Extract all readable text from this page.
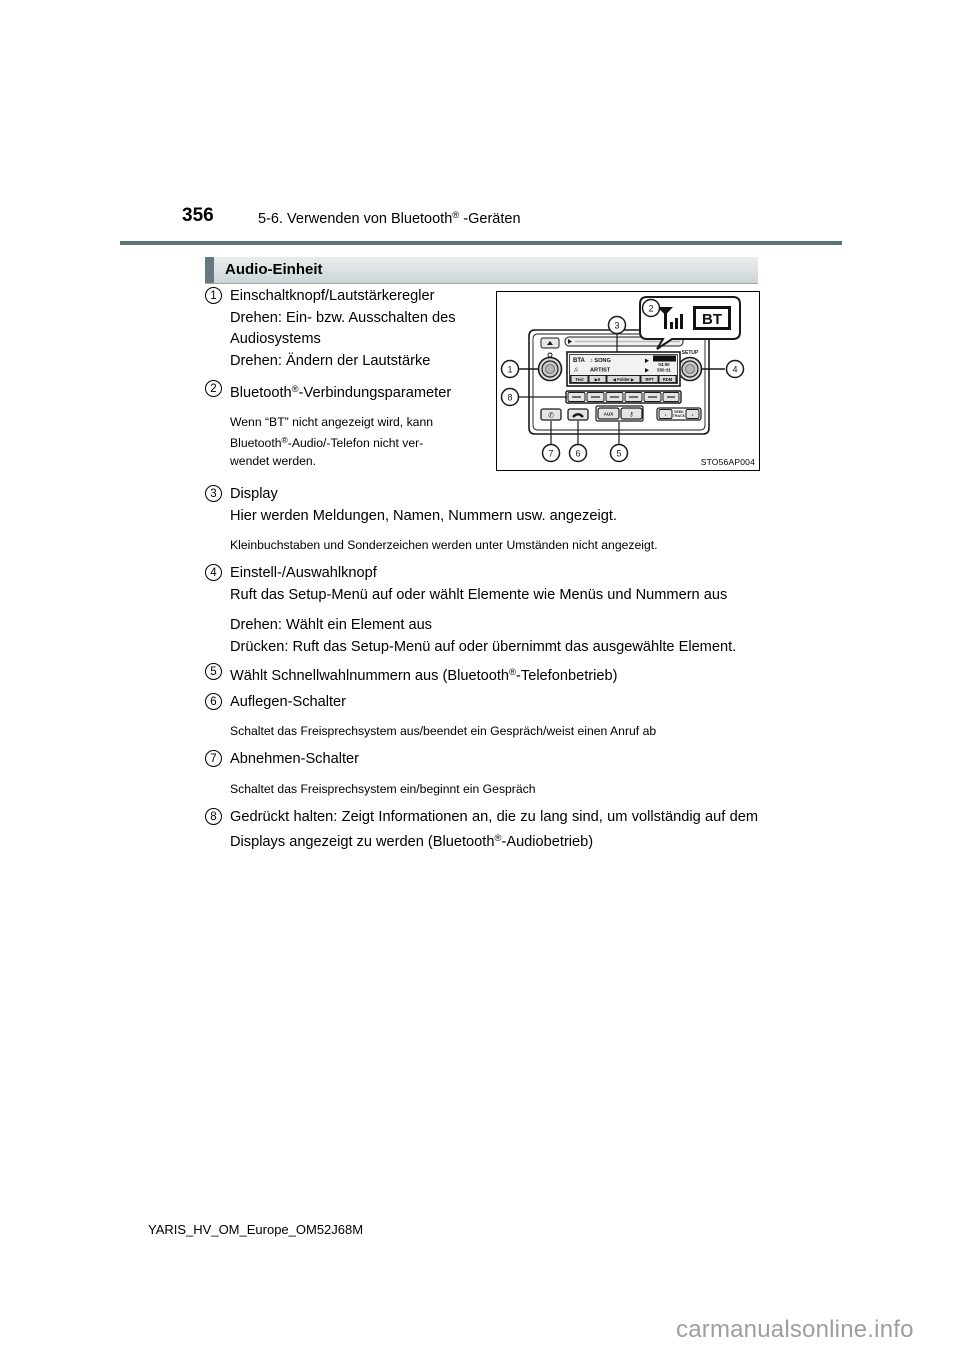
356	5-6. Verwenden von Bluetooth® -Geräten
Audio-Einheit
1 Einschaltknopf/Lautstärkeregler
Drehen: Ein- bzw. Ausschalten des
Audiosystems
Drehen: Ändern der Lautstärke
2 Bluetooth®-Verbindungsparameter
Wenn “BT” nicht angezeigt wird, kann
Bluetooth®-Audio/-Telefon nicht ver-
wendet werden.
SETUP
BTA ♪ SONG
♫ ARTIST
04:00
550:31
Text	▶II	◀ Folder ▶	RPT RDM
✆	AUX	⚷	‹
SEEK
TRACK ›
BT
1
2
3
4
5
6
7
8
STO56AP004
3 Display
Hier werden Meldungen, Namen, Nummern usw. angezeigt.
Kleinbuchstaben und Sonderzeichen werden unter Umständen nicht angezeigt.
4 Einstell-/Auswahlknopf
Ruft das Setup-Menü auf oder wählt Elemente wie Menüs und Nummern aus
Drehen: Wählt ein Element aus
Drücken: Ruft das Setup-Menü auf oder übernimmt das ausgewählte Element.
5 Wählt Schnellwahlnummern aus (Bluetooth®-Telefonbetrieb)
6 Auflegen-Schalter
Schaltet das Freisprechsystem aus/beendet ein Gespräch/weist einen Anruf ab
7 Abnehmen-Schalter
Schaltet das Freisprechsystem ein/beginnt ein Gespräch
8 Gedrückt halten: Zeigt Informationen an, die zu lang sind, um vollständig auf dem Displays angezeigt zu werden (Bluetooth®-Audiobetrieb)
YARIS_HV_OM_Europe_OM52J68M
carmanualsonline.info
